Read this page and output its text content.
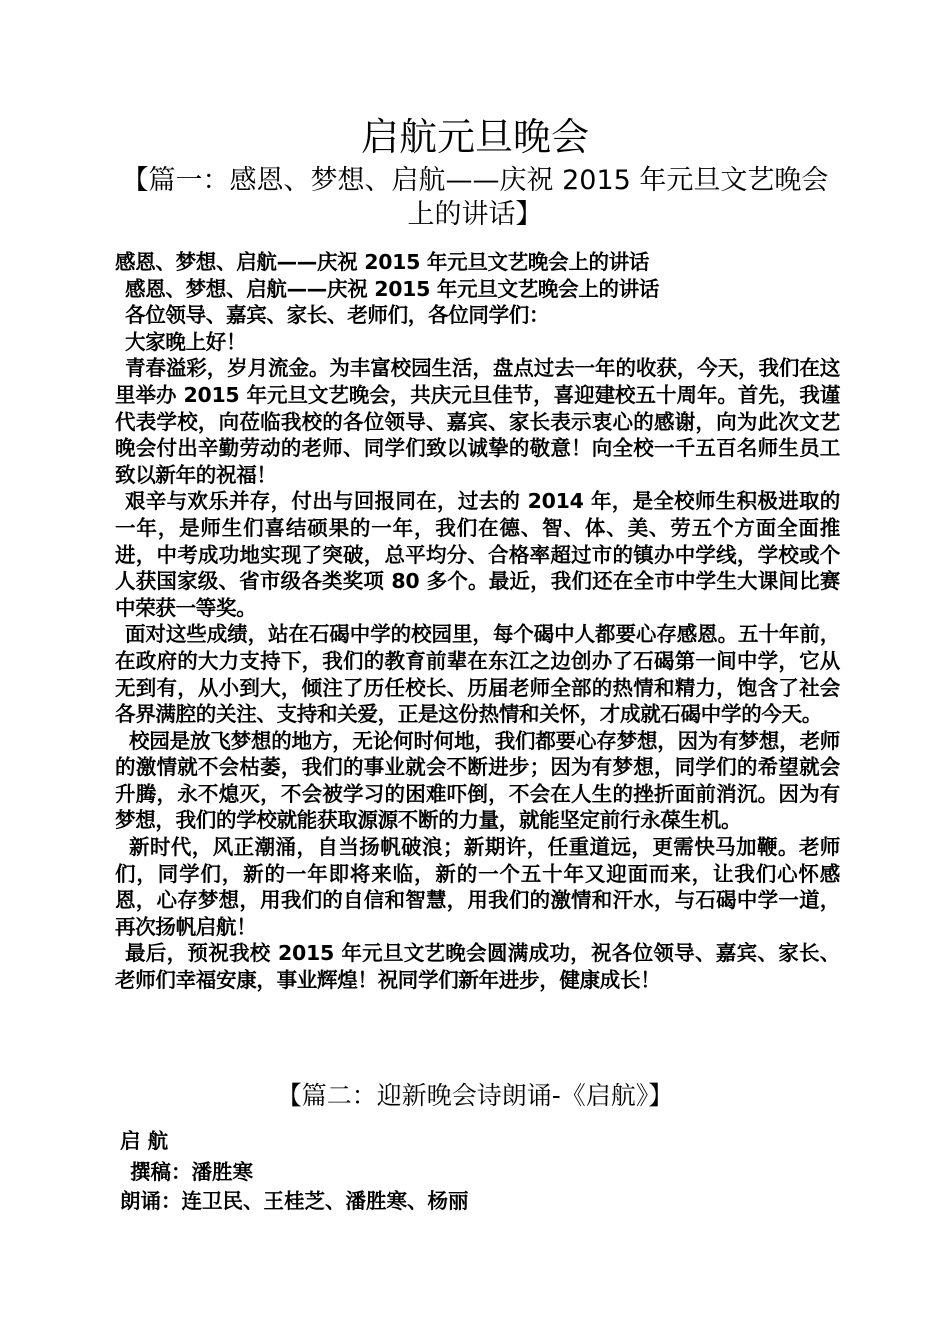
启航元旦晚会
【篇一：感恩、梦想、启航——庆祝 2015 年元旦文艺晚会上的讲话】

感恩、梦想、启航——庆祝 2015 年元旦文艺晚会上的讲话

感恩、梦想、启航——庆祝 2015 年元旦文艺晚会上的讲话

各位领导、嘉宾、家长、老师们，各位同学们：

大家晚上好！

青春溢彩，岁月流金。为丰富校园生活，盘点过去一年的收获，今天，我们在这里举办 2015 年元旦文艺晚会，共庆元旦佳节，喜迎建校五十周年。首先，我谨代表学校，向莅临我校的各位领导、嘉宾、家长表示衷心的感谢，向为此次文艺晚会付出辛勤劳动的老师、同学们致以诚挚的敬意！向全校一千五百名师生员工致以新年的祝福！

艰辛与欢乐并存，付出与回报同在，过去的 2014 年，是全校师生积极进取的一年，是师生们喜结硕果的一年，我们在德、智、体、美、劳五个方面全面推进，中考成功地实现了突破，总平均分、合格率超过市的镇办中学线，学校或个人获国家级、省市级各类奖项 80 多个。最近，我们还在全市中学生大课间比赛中荣获一等奖。

面对这些成绩，站在石碣中学的校园里，每个碣中人都要心存感恩。五十年前，在政府的大力支持下，我们的教育前辈在东江之边创办了石碣第一间中学，它从无到有，从小到大，倾注了历任校长、历届老师全部的热情和精力，饱含了社会各界满腔的关注、支持和关爱，正是这份热情和关怀，才成就石碣中学的今天。

校园是放飞梦想的地方，无论何时何地，我们都要心存梦想，因为有梦想，老师的激情就不会枯萎，我们的事业就会不断进步；因为有梦想，同学们的希望就会升腾，永不熄灭，不会被学习的困难吓倒，不会在人生的挫折面前消沉。因为有梦想，我们的学校就能获取源源不断的力量，就能坚定前行永葆生机。

新时代，风正潮涌，自当扬帆破浪；新期许，任重道远，更需快马加鞭。老师们，同学们，新的一年即将来临，新的一个五十年又迎面而来，让我们心怀感恩，心存梦想，用我们的自信和智慧，用我们的激情和汗水，与石碣中学一道，再次扬帆启航！

最后，预祝我校 2015 年元旦文艺晚会圆满成功，祝各位领导、嘉宾、家长、老师们幸福安康，事业辉煌！祝同学们新年进步，健康成长！

【篇二：迎新晚会诗朗诵-《启航》】

启 航

撰稿：潘胜寒

朗诵：连卫民、王桂芝、潘胜寒、杨丽
